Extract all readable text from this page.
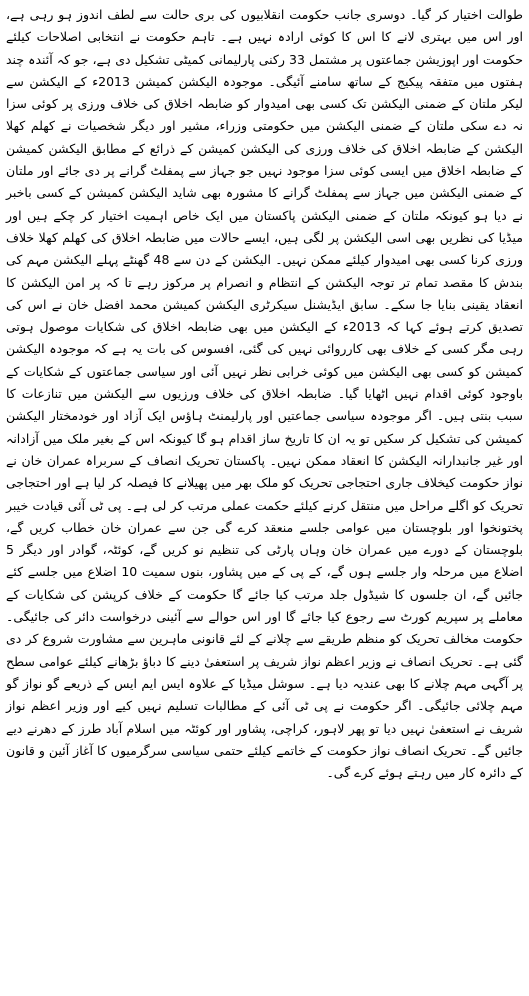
طوالت اختیار کر گیا۔ دوسری جانب حکومت انقلابیوں کی بری حالت سے لطف اندوز ہو رہی ہے، اور اس میں بہتری لانے کا اس کا کوئی ارادہ نہیں ہے۔ تاہم حکومت نے انتخابی اصلاحات کیلئے حکومت اور اپوزیشن جماعتوں پر مشتمل 33 رکنی پارلیمانی کمیٹی تشکیل دی ہے، جو کہ آئندہ چند ہفتوں میں متفقہ پیکیج کے ساتھ سامنے آئیگی۔ موجودہ الیکشن کمیشن 2013ء کے الیکشن سے لیکر ملتان کے ضمنی الیکشن تک کسی بھی امیدوار کو ضابطہ اخلاق کی خلاف ورزی پر کوئی سزا نہ دے سکی ملتان کے ضمنی الیکشن میں حکومتی وزراء، مشیر اور دیگر شخصیات نے کھلم کھلا الیکشن کے ضابطہ اخلاق کی خلاف ورزی کی الیکشن کمیشن کے ذرائع کے مطابق الیکشن کمیشن کے ضابطہ اخلاق میں ایسی کوئی سزا موجود نہیں جو جہاز سے پمفلٹ گرانے پر دی جائے اور ملتان کے ضمنی الیکشن میں جہاز سے پمفلٹ گرانے کا مشورہ بھی شاید الیکشن کمیشن کے کسی باخبر نے دیا ہو کیونکہ ملتان کے ضمنی الیکشن پاکستان میں ایک خاص اہمیت اختیار کر چکے ہیں اور میڈیا کی نظریں بھی اسی الیکشن پر لگی ہیں، ایسے حالات میں ضابطہ اخلاق کی کھلم کھلا خلاف ورزی کرنا کسی بھی امیدوار کیلئے ممکن نہیں۔ الیکشن کے دن سے 48 گھنٹے پہلے الیکشن مہم کی بندش کا مقصد تمام تر توجہ الیکشن کے انتظام و انصرام پر مرکوز رہے تا کہ پر امن الیکشن کا انعقاد یقینی بنایا جا سکے۔ سابق ایڈیشنل سیکرٹری الیکشن کمیشن محمد افضل خان نے اس کی تصدیق کرتے ہوئے کہا کہ 2013ء کے الیکشن میں بھی ضابطہ اخلاق کی شکایات موصول ہوتی رہی مگر کسی کے خلاف بھی کارروائی نہیں کی گئی، افسوس کی بات یہ ہے کہ موجودہ الیکشن کمیشن کو کسی بھی الیکشن میں کوئی خرابی نظر نہیں آئی اور سیاسی جماعتوں کے شکایات کے باوجود کوئی اقدام نہیں اٹھایا گیا۔ ضابطہ اخلاق کی خلاف ورزیوں سے الیکشن میں تنازعات کا سبب بنتی ہیں۔ اگر موجودہ سیاسی جماعتیں اور پارلیمنٹ ہاؤس ایک آزاد اور خودمختار الیکشن کمیشن کی تشکیل کر سکیں تو یہ ان کا تاریخ ساز اقدام ہو گا کیونکہ اس کے بغیر ملک میں آزادانہ اور غیر جانبدارانہ الیکشن کا انعقاد ممکن نہیں۔ پاکستان تحریک انصاف کے سربراہ عمران خان نے نواز حکومت کیخلاف جاری احتجاجی تحریک کو ملک بھر میں پھیلانے کا فیصلہ کر لیا ہے اور احتجاجی تحریک کو اگلے مراحل میں منتقل کرنے کیلئے حکمت عملی مرتب کر لی ہے۔ پی ٹی آئی قیادت خیبر پختونخوا اور بلوچستان میں عوامی جلسے منعقد کرے گی جن سے عمران خان خطاب کریں گے، بلوچستان کے دورے میں عمران خان وہاں پارٹی کی تنظیم نو کریں گے، کوئٹہ، گوادر اور دیگر 5 اضلاع میں مرحلہ وار جلسے ہوں گے، کے پی کے میں پشاور، بنوں سمیت 10 اضلاع میں جلسے کئے جائیں گے، ان جلسوں کا شیڈول جلد مرتب کیا جائے گا حکومت کے خلاف کرپشن کی شکایات کے معاملے پر سپریم کورٹ سے رجوع کیا جائے گا اور اس حوالے سے آئینی درخواست دائر کی جائیگی۔ حکومت مخالف تحریک کو منظم طریقے سے چلانے کے لئے قانونی ماہرین سے مشاورت شروع کر دی گئی ہے۔ تحریک انصاف نے وزیر اعظم نواز شریف پر استعفیٰ دینے کا دباؤ بڑھانے کیلئے عوامی سطح پر آگہی مہم چلانے کا بھی عندیہ دیا ہے۔ سوشل میڈیا کے علاوہ ایس ایم ایس کے ذریعے گو نواز گو مہم چلائی جائیگی۔ اگر حکومت نے پی ٹی آئی کے مطالبات تسلیم نہیں کیے اور وزیر اعظم نواز شریف نے استعفیٰ نہیں دیا تو پھر لاہور، کراچی، پشاور اور کوئٹہ میں اسلام آباد طرز کے دھرنے دیے جائیں گے۔ تحریک انصاف نواز حکومت کے خاتمے کیلئے حتمی سیاسی سرگرمیوں کا آغاز آئین و قانون کے دائرہ کار میں رہتے ہوئے کرے گی۔
